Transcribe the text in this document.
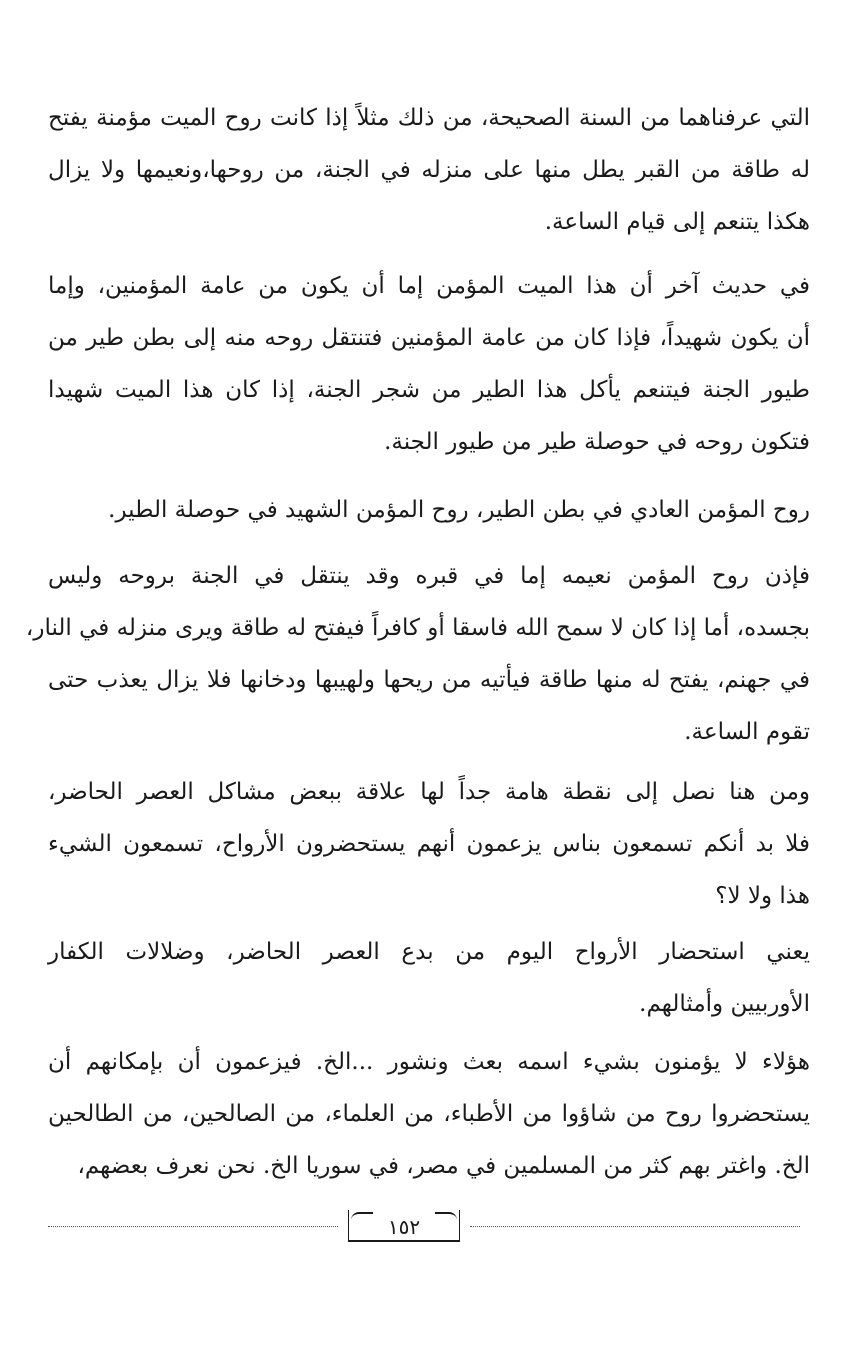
التي عرفناهما من السنة الصحيحة، من ذلك مثلاً إذا كانت روح الميت مؤمنة يفتح
له طاقة من القبر يطل منها على منزله في الجنة، من روحها،ونعيمها ولا يزال
هكذا يتنعم إلى قيام الساعة.
في حديث آخر أن هذا الميت المؤمن إما أن يكون من عامة المؤمنين، وإما
أن يكون شهيداً، فإذا كان من عامة المؤمنين فتنتقل روحه منه إلى بطن طير من
طيور الجنة فيتنعم يأكل هذا الطير من شجر الجنة، إذا كان هذا الميت شهيدا
فتكون روحه في حوصلة طير من طيور الجنة.
روح المؤمن العادي في بطن الطير، روح المؤمن الشهيد في حوصلة الطير.
فإذن روح المؤمن نعيمه إما في قبره وقد ينتقل في الجنة بروحه وليس
بجسده، أما إذا كان لا سمح الله فاسقا أو كافراً فيفتح له طاقة ويرى منزله في النار،
في جهنم، يفتح له منها طاقة فيأتيه من ريحها ولهيبها ودخانها فلا يزال يعذب حتى
تقوم الساعة.
ومن هنا نصل إلى نقطة هامة جداً لها علاقة ببعض مشاكل العصر الحاضر،
فلا بد أنكم تسمعون بناس يزعمون أنهم يستحضرون الأرواح، تسمعون الشيء
هذا ولا لا؟
يعني استحضار الأرواح اليوم من بدع العصر الحاضر، وضلالات الكفار
الأوربيين وأمثالهم.
هؤلاء لا يؤمنون بشيء اسمه بعث ونشور ...الخ. فيزعمون أن بإمكانهم أن
يستحضروا روح من شاؤوا من الأطباء، من العلماء، من الصالحين، من الطالحين
الخ. واغتر بهم كثر من المسلمين في مصر، في سوريا الخ. نحن نعرف بعضهم،
١٥٢
